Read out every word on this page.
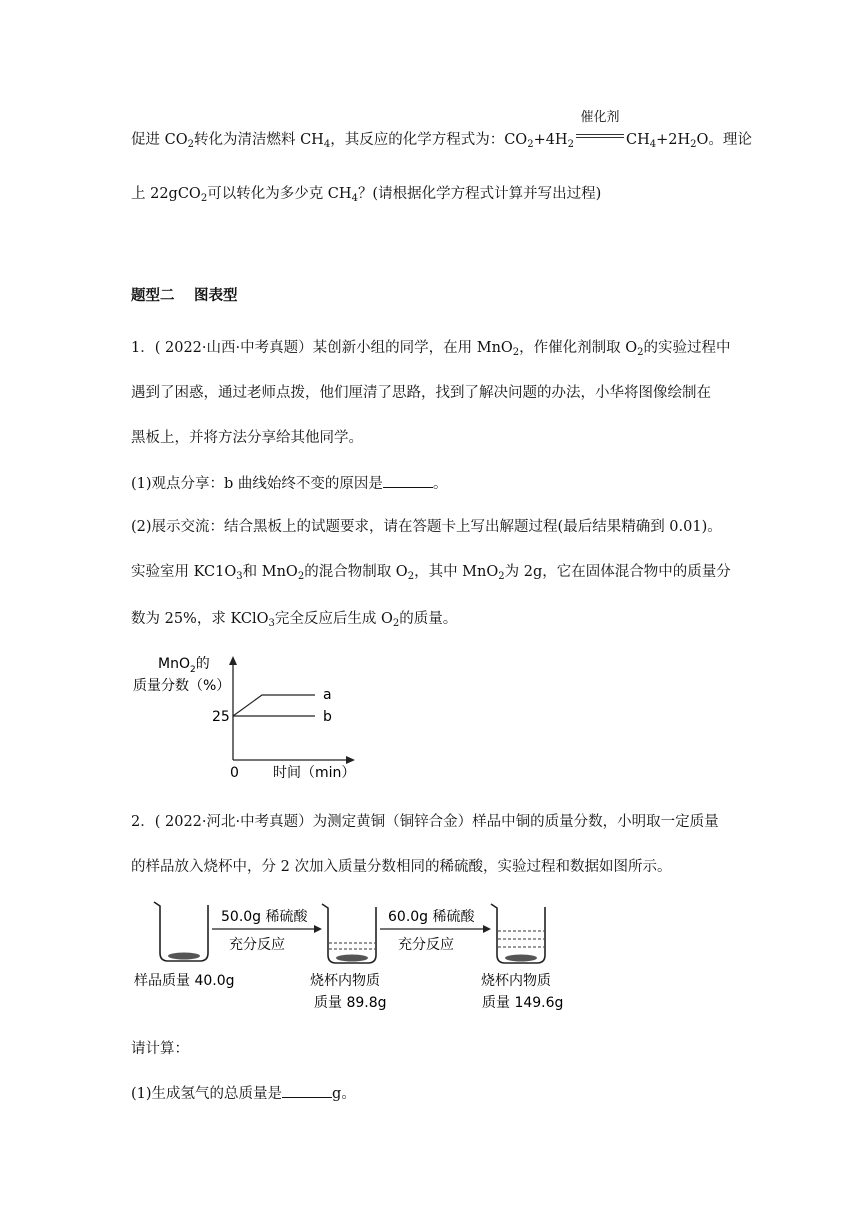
促进 $CO_2$转化为清洁燃料 $CH_4$，其反应的化学方程式为：$CO_2+4H_2$
催化剂
$CH_4+2H_2O$。理论
上 22gCO$_2$可以转化为多少克 $CH_4$？(请根据化学方程式计算并写出过程)
题型二　 图表型
1．( 2022·山西·中考真题）某创新小组的同学，在用 MnO$_2$，作催化剂制取 $O_2$的实验过程中
遇到了困惑，通过老师点拨，他们厘清了思路，找到了解决问题的办法，小华将图像绘制在
黑板上，并将方法分享给其他同学。
(1)观点分享：b 曲线始终不变的原因是	。
(2)展示交流：结合黑板上的试题要求，请在答题卡上写出解题过程(最后结果精确到 0.01)。
实验室用 $KC1O_3$和 MnO$_2$的混合物制取 $O_2$，其中 MnO$_2$为 2g，它在固体混合物中的质量分
数为 25%，求 KClO$_3$完全反应后生成 $O_2$的质量。
MnO$_2$的
质量分数（%）
25
0 时间（min）
a
b
2．( 2022·河北·中考真题）为测定黄铜（铜锌合金）样品中铜的质量分数，小明取一定质量
的样品放入烧杯中，分 2 次加入质量分数相同的稀硫酸，实验过程和数据如图所示。
50.0g 稀硫酸
充分反应
60.0g 稀硫酸
充分反应
样品质量 40.0g	烧杯内物质
质量 89.8g
烧杯内物质
质量 149.6g
请计算：
(1)生成氢气的总质量是	g。
